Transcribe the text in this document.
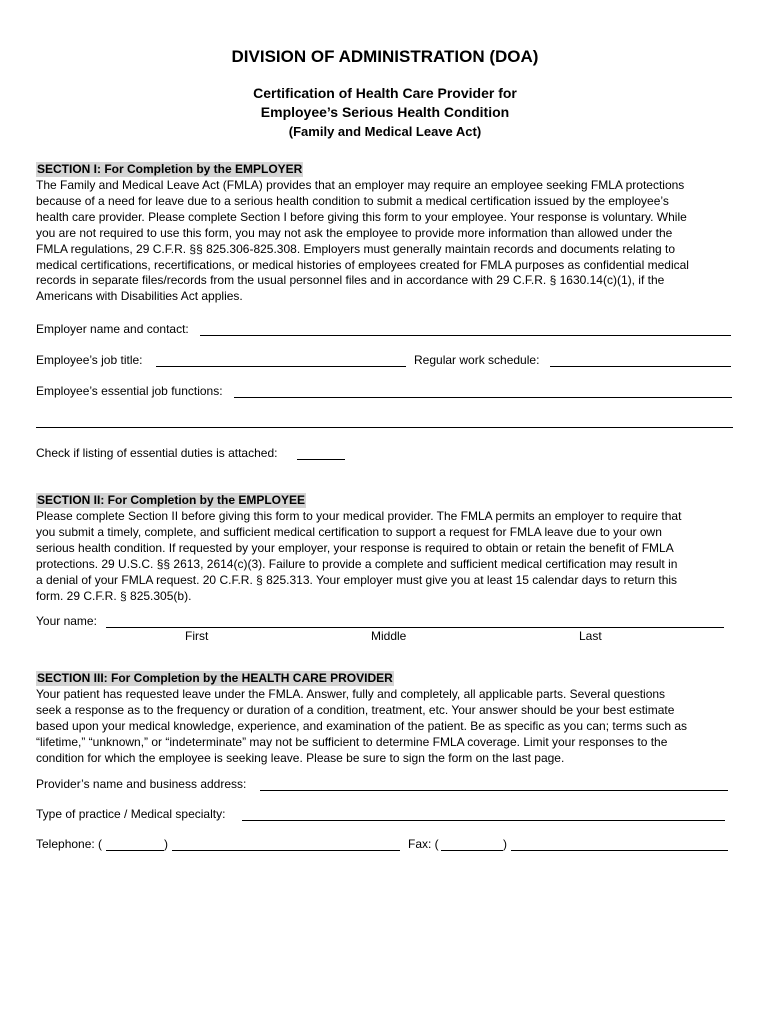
DIVISION OF ADMINISTRATION (DOA)
Certification of Health Care Provider for
Employee’s Serious Health Condition
(Family and Medical Leave Act)
SECTION I: For Completion by the EMPLOYER
The Family and Medical Leave Act (FMLA) provides that an employer may require an employee seeking FMLA protections
because of a need for leave due to a serious health condition to submit a medical certification issued by the employee’s
health care provider. Please complete Section I before giving this form to your employee. Your response is voluntary. While
you are not required to use this form, you may not ask the employee to provide more information than allowed under the
FMLA regulations, 29 C.F.R. §§ 825.306-825.308. Employers must generally maintain records and documents relating to
medical certifications, recertifications, or medical histories of employees created for FMLA purposes as confidential medical
records in separate files/records from the usual personnel files and in accordance with 29 C.F.R. § 1630.14(c)(1), if the
Americans with Disabilities Act applies.
Employer name and contact:
Employee’s job title:	Regular work schedule:
Employee’s essential job functions:
Check if listing of essential duties is attached:
SECTION II: For Completion by the EMPLOYEE
Please complete Section II before giving this form to your medical provider. The FMLA permits an employer to require that
you submit a timely, complete, and sufficient medical certification to support a request for FMLA leave due to your own
serious health condition. If requested by your employer, your response is required to obtain or retain the benefit of FMLA
protections. 29 U.S.C. §§ 2613, 2614(c)(3). Failure to provide a complete and sufficient medical certification may result in
a denial of your FMLA request. 20 C.F.R. § 825.313. Your employer must give you at least 15 calendar days to return this
form. 29 C.F.R. § 825.305(b).
Your name:
First	Middle	Last
SECTION III: For Completion by the HEALTH CARE PROVIDER
Your patient has requested leave under the FMLA. Answer, fully and completely, all applicable parts. Several questions
seek a response as to the frequency or duration of a condition, treatment, etc. Your answer should be your best estimate
based upon your medical knowledge, experience, and examination of the patient. Be as specific as you can; terms such as
“lifetime,” “unknown,” or “indeterminate” may not be sufficient to determine FMLA coverage. Limit your responses to the
condition for which the employee is seeking leave. Please be sure to sign the form on the last page.
Provider’s name and business address:
Type of practice / Medical specialty:
Telephone: (	)	Fax: (	)
